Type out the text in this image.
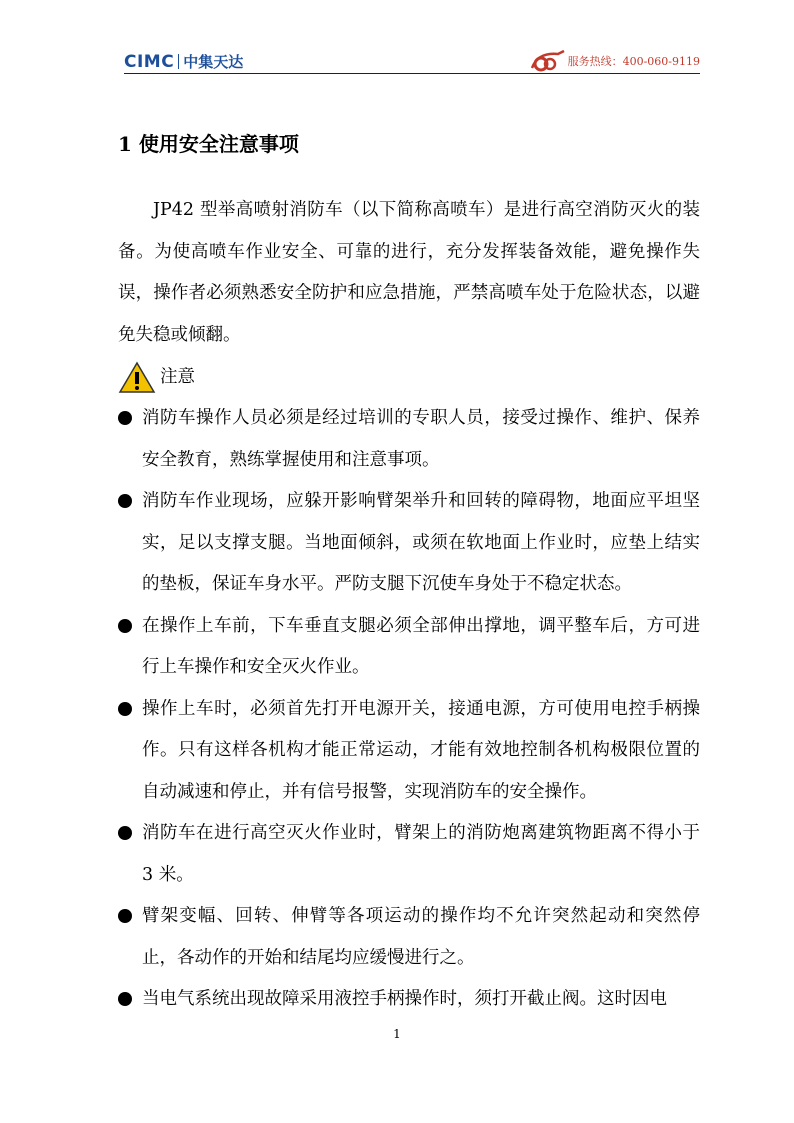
CIMC 中集天达	服务热线：400-060-9119
1 使用安全注意事项

JP42 型举高喷射消防车（以下简称高喷车）是进行高空消防灭火的装备。为使高喷车作业安全、可靠的进行，充分发挥装备效能，避免操作失误，操作者必须熟悉安全防护和应急措施，严禁高喷车处于危险状态，以避免失稳或倾翻。

注意
消防车操作人员必须是经过培训的专职人员，接受过操作、维护、保养安全教育，熟练掌握使用和注意事项。
消防车作业现场，应躲开影响臂架举升和回转的障碍物，地面应平坦坚实，足以支撑支腿。当地面倾斜，或须在软地面上作业时，应垫上结实的垫板，保证车身水平。严防支腿下沉使车身处于不稳定状态。
在操作上车前，下车垂直支腿必须全部伸出撑地，调平整车后，方可进行上车操作和安全灭火作业。
操作上车时，必须首先打开电源开关，接通电源，方可使用电控手柄操作。只有这样各机构才能正常运动，才能有效地控制各机构极限位置的自动减速和停止，并有信号报警，实现消防车的安全操作。
消防车在进行高空灭火作业时，臂架上的消防炮离建筑物距离不得小于 3 米。
臂架变幅、回转、伸臂等各项运动的操作均不允许突然起动和突然停止，各动作的开始和结尾均应缓慢进行之。
当电气系统出现故障采用液控手柄操作时，须打开截止阀。这时因电
1
